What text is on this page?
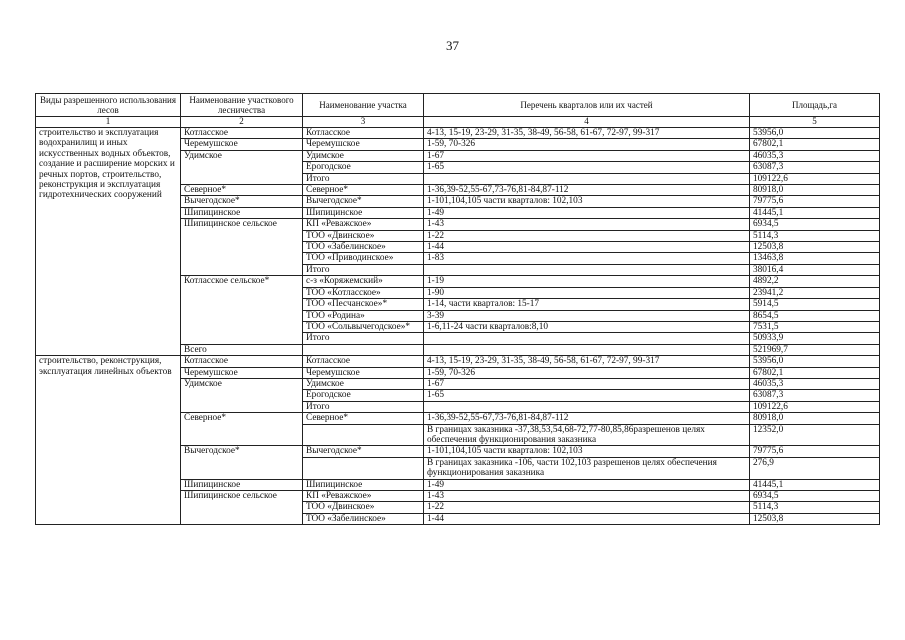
37
Виды разрешенного использования лесов	Наименование участкового лесничества	Наименование участка	Перечень кварталов или их частей	Площадь,га
1	2	3	4	5
строительство и эксплуатация водохранилищ и иных искусственных водных объектов, создание и расширение морских и речных портов, строительство, реконструкция и эксплуатация гидротехнических сооружений	Котласское	Котласское	4-13, 15-19, 23-29, 31-35, 38-49, 56-58, 61-67, 72-97, 99-317	53956,0
	Черемушское	Черемушское	1-59, 70-326	67802,1
	Удимское	Удимское	1-67	46035,3
		Ерогодское	1-65	63087,3
		Итого		109122,6
	Северное*	Северное*	1-36,39-52,55-67,73-76,81-84,87-112	80918,0
	Вычегодское*	Вычегодское*	1-101,104,105 части кварталов: 102,103	79775,6
	Шипицинское	Шипицинское	1-49	41445,1
	Шипицинское сельское	КП «Реважское»	1-43	6934,5
		ТОО «Двинское»	1-22	5114,3
		ТОО «Забелинское»	1-44	12503,8
		ТОО «Приводинское»	1-83	13463,8
		Итого		38016,4
	Котласское сельское*	с-з «Коряжемский»	1-19	4892,2
		ТОО «Котласское»	1-90	23941,2
		ТОО «Песчанское»*	1-14, части кварталов: 15-17	5914,5
		ТОО «Родина»	3-39	8654,5
		ТОО «Сольвычегодское»*	1-6,11-24 части кварталов:8,10	7531,5
		Итого		50933,9
	Всего			521969,7
строительство, реконструкция, эксплуатация линейных объектов	Котласское	Котласское	4-13, 15-19, 23-29, 31-35, 38-49, 56-58, 61-67, 72-97, 99-317	53956,0
	Черемушское	Черемушское	1-59, 70-326	67802,1
	Удимское	Удимское	1-67	46035,3
		Ерогодское	1-65	63087,3
		Итого		109122,6
	Северное*	Северное*	1-36,39-52,55-67,73-76,81-84,87-112	80918,0
			В границах заказника -37,38,53,54,68-72,77-80,85,86разрешенов целях обеспечения функционирования заказника	12352,0
	Вычегодское*	Вычегодское*	1-101,104,105 части кварталов: 102,103	79775,6
			В границах заказника -106, части 102,103 разрешенов целях обеспечения функционирования заказника	276,9
	Шипицинское	Шипицинское	1-49	41445,1
	Шипицинское сельское	КП «Реважское»	1-43	6934,5
		ТОО «Двинское»	1-22	5114,3
		ТОО «Забелинское»	1-44	12503,8
